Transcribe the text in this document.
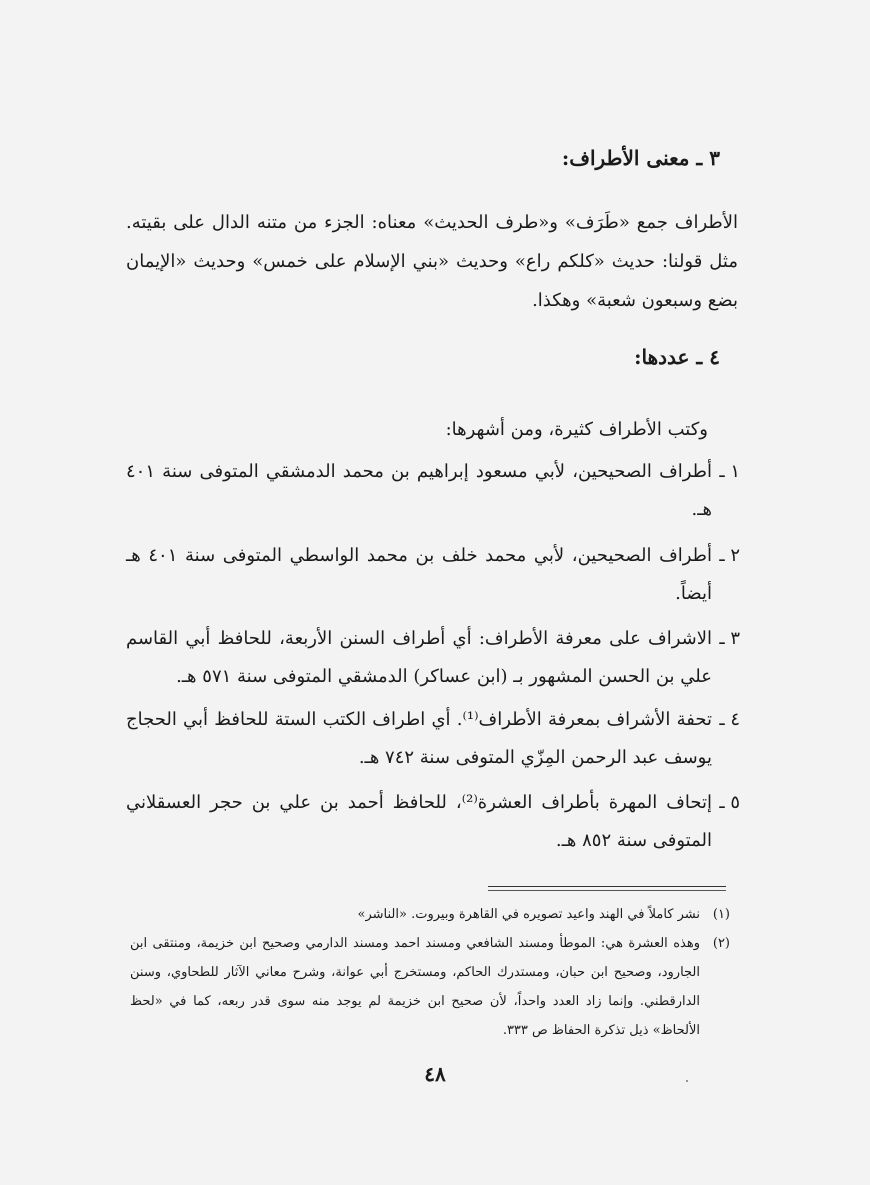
٣ ـ معنى الأطراف:
الأطراف جمع «طَرَف» و«طرف الحديث» معناه: الجزء من متنه الدال على بقيته. مثل قولنا: حديث «كلكم راع» وحديث «بني الإسلام على خمس» وحديث «الإيمان بضع وسبعون شعبة» وهكذا.
٤ ـ عددها:
وكتب الأطراف كثيرة، ومن أشهرها:
١ ـ
أطراف الصحيحين، لأبي مسعود إبراهيم بن محمد الدمشقي المتوفى سنة ٤٠١ هـ.
٢ ـ
أطراف الصحيحين، لأبي محمد خلف بن محمد الواسطي المتوفى سنة ٤٠١ هـ أيضاً.
٣ ـ
الاشراف على معرفة الأطراف: أي أطراف السنن الأربعة، للحافظ أبي القاسم علي بن الحسن المشهور بـ (ابن عساكر) الدمشقي المتوفى سنة ٥٧١ هـ.
٤ ـ
تحفة الأشراف بمعرفة الأطراف⁽¹⁾. أي اطراف الكتب الستة للحافظ أبي الحجاج يوسف عبد الرحمن المِزّي المتوفى سنة ٧٤٢ هـ.
٥ ـ
إتحاف المهرة بأطراف العشرة⁽²⁾، للحافظ أحمد بن علي بن حجر العسقلاني المتوفى سنة ٨٥٢ هـ.
(١)
نشر كاملاً في الهند واعيد تصويره في القاهرة وبيروت. «الناشر»
(٢)
وهذه العشرة هي: الموطأ ومسند الشافعي ومسند احمد ومسند الدارمي وصحيح ابن خزيمة، ومنتقى ابن الجارود، وصحيح ابن حبان، ومستدرك الحاكم، ومستخرج أبي عوانة، وشرح معاني الآثار للطحاوي، وسنن الدارقطني. وإنما زاد العدد واحداً، لأن صحيح ابن خزيمة لم يوجد منه سوى قدر ربعه، كما في «لحظ الألحاظ» ذيل تذكرة الحفاظ ص ٣٣٣.
٤٨
